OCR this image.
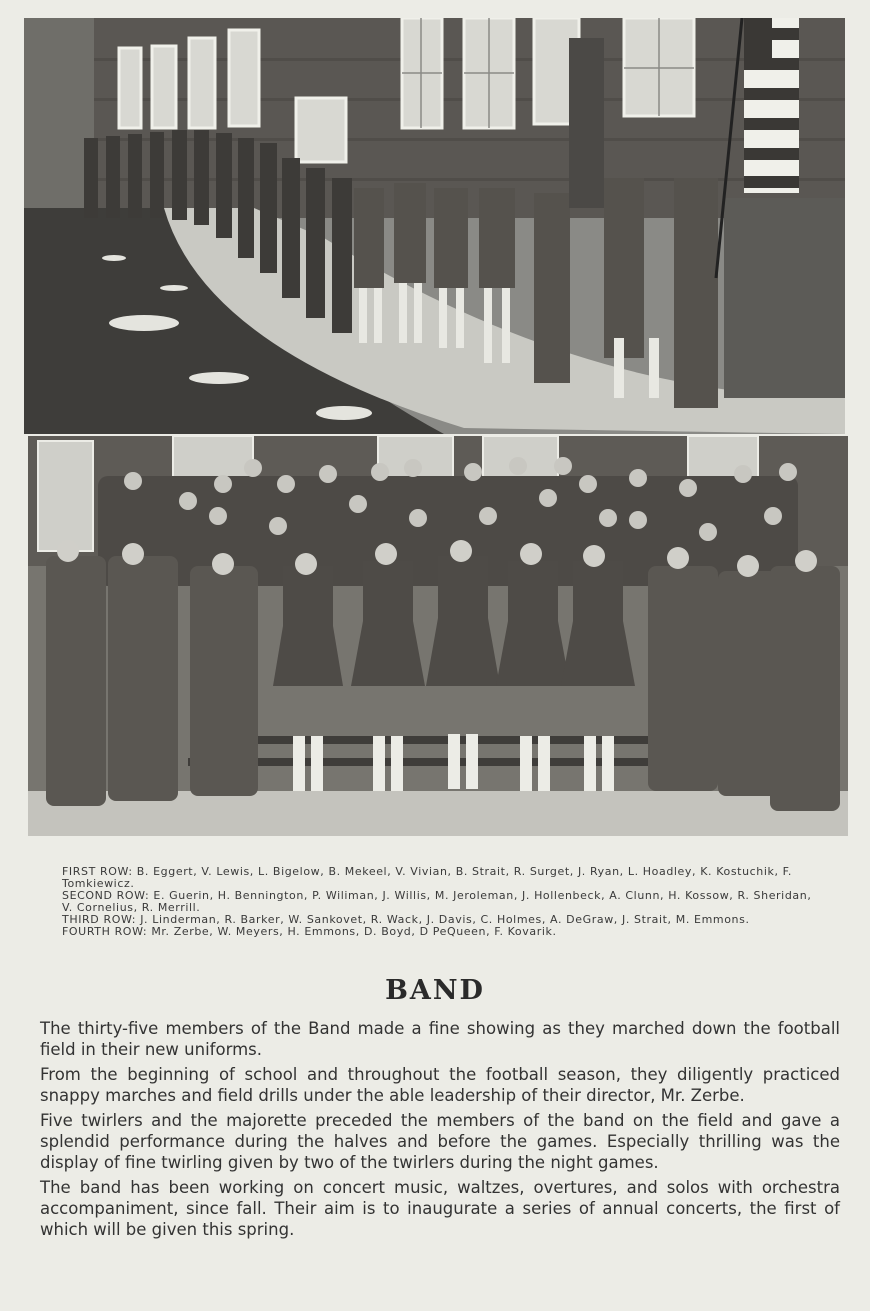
FIRST ROW: B. Eggert, V. Lewis, L. Bigelow, B. Mekeel, V. Vivian, B. Strait, R. Surget, J. Ryan, L. Hoadley, K. Kostuchik, F. Tomkiewicz.

SECOND ROW: E. Guerin, H. Bennington, P. Wiliman, J. Willis, M. Jeroleman, J. Hollenbeck, A. Clunn, H. Kossow, R. Sheridan, V. Cornelius, R. Merrill.

THIRD ROW: J. Linderman, R. Barker, W. Sankovet, R. Wack, J. Davis, C. Holmes, A. DeGraw, J. Strait, M. Emmons.

FOURTH ROW: Mr. Zerbe, W. Meyers, H. Emmons, D. Boyd, D PeQueen, F. Kovarik.

BAND

The thirty-five members of the Band made a fine showing as they marched down the football field in their new uniforms.

From the beginning of school and throughout the football season, they diligently practiced snappy marches and field drills under the able leadership of their director, Mr. Zerbe.

Five twirlers and the majorette preceded the members of the band on the field and gave a splendid performance during the halves and before the games. Especially thrilling was the display of fine twirling given by two of the twirlers during the night games.

The band has been working on concert music, waltzes, overtures, and solos with orchestra accompaniment, since fall. Their aim is to inaugurate a series of annual concerts, the first of which will be given this spring.
